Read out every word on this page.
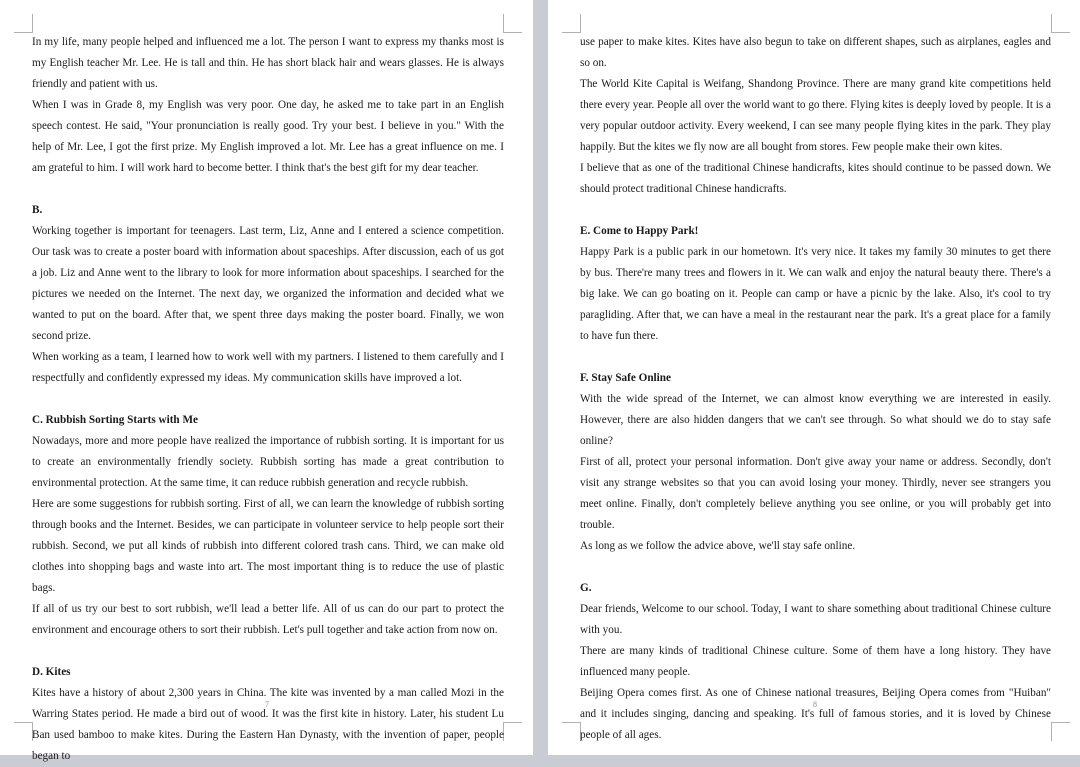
In my life, many people helped and influenced me a lot. The person I want to express my thanks most is my English teacher Mr. Lee. He is tall and thin. He has short black hair and wears glasses. He is always friendly and patient with us.

When I was in Grade 8, my English was very poor. One day, he asked me to take part in an English speech contest. He said, "Your pronunciation is really good. Try your best. I believe in you." With the help of Mr. Lee, I got the first prize. My English improved a lot. Mr. Lee has a great influence on me. I am grateful to him. I will work hard to become better. I think that's the best gift for my dear teacher.

B.

Working together is important for teenagers. Last term, Liz, Anne and I entered a science competition. Our task was to create a poster board with information about spaceships. After discussion, each of us got a job. Liz and Anne went to the library to look for more information about spaceships. I searched for the pictures we needed on the Internet. The next day, we organized the information and decided what we wanted to put on the board. After that, we spent three days making the poster board. Finally, we won second prize.

When working as a team, I learned how to work well with my partners. I listened to them carefully and I respectfully and confidently expressed my ideas. My communication skills have improved a lot.

C. Rubbish Sorting Starts with Me

Nowadays, more and more people have realized the importance of rubbish sorting. It is important for us to create an environmentally friendly society. Rubbish sorting has made a great contribution to environmental protection. At the same time, it can reduce rubbish generation and recycle rubbish.

Here are some suggestions for rubbish sorting. First of all, we can learn the knowledge of rubbish sorting through books and the Internet. Besides, we can participate in volunteer service to help people sort their rubbish. Second, we put all kinds of rubbish into different colored trash cans. Third, we can make old clothes into shopping bags and waste into art. The most important thing is to reduce the use of plastic bags.

If all of us try our best to sort rubbish, we'll lead a better life. All of us can do our part to protect the environment and encourage others to sort their rubbish. Let's pull together and take action from now on.

D. Kites

Kites have a history of about 2,300 years in China. The kite was invented by a man called Mozi in the Warring States period. He made a bird out of wood. It was the first kite in history. Later, his student Lu Ban used bamboo to make kites. During the Eastern Han Dynasty, with the invention of paper, people began to

7

use paper to make kites. Kites have also begun to take on different shapes, such as airplanes, eagles and so on.

The World Kite Capital is Weifang, Shandong Province. There are many grand kite competitions held there every year. People all over the world want to go there. Flying kites is deeply loved by people. It is a very popular outdoor activity. Every weekend, I can see many people flying kites in the park. They play happily. But the kites we fly now are all bought from stores. Few people make their own kites.

I believe that as one of the traditional Chinese handicrafts, kites should continue to be passed down. We should protect traditional Chinese handicrafts.

E. Come to Happy Park!

Happy Park is a public park in our hometown. It's very nice. It takes my family 30 minutes to get there by bus. There're many trees and flowers in it. We can walk and enjoy the natural beauty there. There's a big lake. We can go boating on it. People can camp or have a picnic by the lake. Also, it's cool to try paragliding. After that, we can have a meal in the restaurant near the park. It's a great place for a family to have fun there.

F. Stay Safe Online

With the wide spread of the Internet, we can almost know everything we are interested in easily. However, there are also hidden dangers that we can't see through. So what should we do to stay safe online?

First of all, protect your personal information. Don't give away your name or address. Secondly, don't visit any strange websites so that you can avoid losing your money. Thirdly, never see strangers you meet online. Finally, don't completely believe anything you see online, or you will probably get into trouble.

As long as we follow the advice above, we'll stay safe online.

G.

Dear friends, Welcome to our school. Today, I want to share something about traditional Chinese culture with you.

There are many kinds of traditional Chinese culture. Some of them have a long history. They have influenced many people.

Beijing Opera comes first. As one of Chinese national treasures, Beijing Opera comes from "Huiban" and it includes singing, dancing and speaking. It's full of famous stories, and it is loved by Chinese people of all ages.

8
